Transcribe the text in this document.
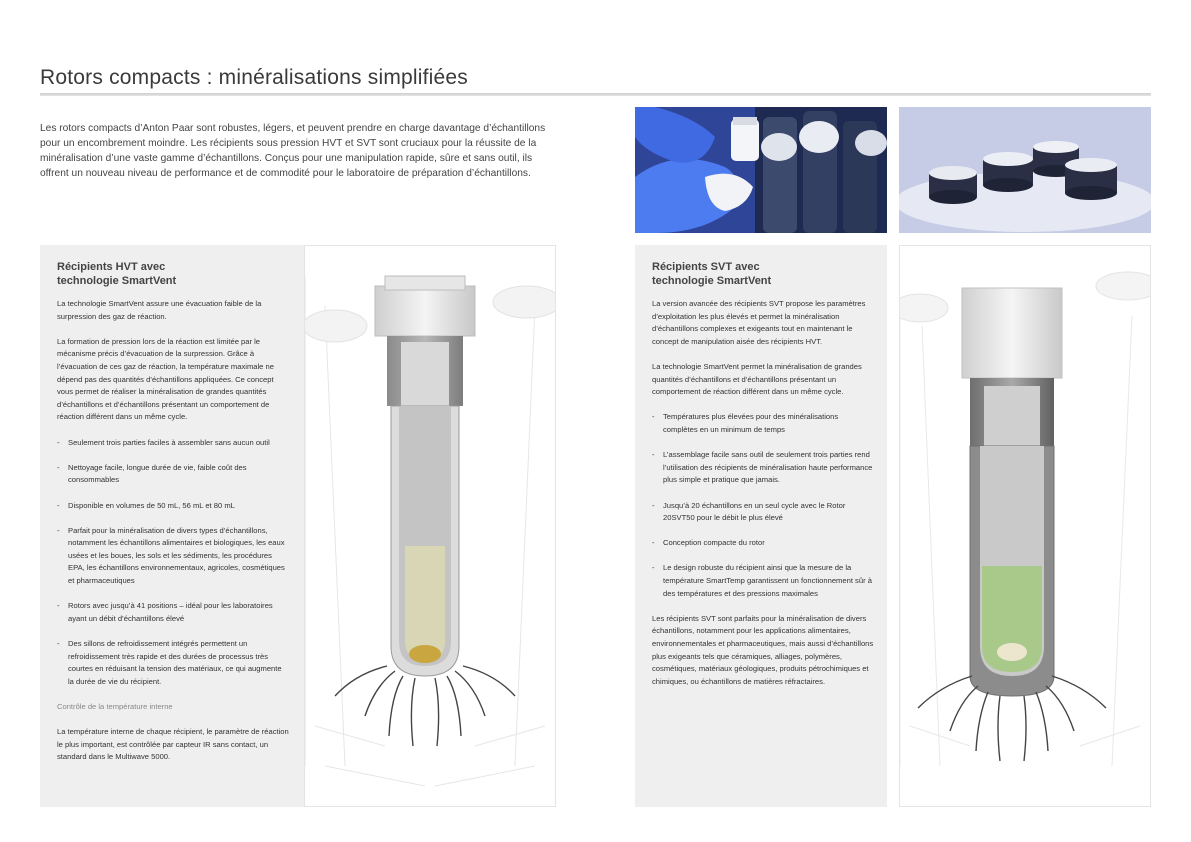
Rotors compacts : minéralisations simplifiées

Les rotors compacts d’Anton Paar sont robustes, légers, et peuvent prendre en charge davantage d’échantillons pour un encombrement moindre. Les récipients sous pression HVT et SVT sont cruciaux pour la réussite de la minéralisation d’une vaste gamme d’échantillons. Conçus pour une manipulation rapide, sûre et sans outil, ils offrent un nouveau niveau de performance et de commodité pour le laboratoire de préparation d’échantillons.

Récipients HVT avec
technologie SmartVent

La technologie SmartVent assure une évacuation faible de la surpression des gaz de réaction.

La formation de pression lors de la réaction est limitée par le mécanisme précis d’évacuation de la surpression. Grâce à l’évacuation de ces gaz de réaction, la température maximale ne dépend pas des quantités d’échantillons appliquées. Ce concept vous permet de réaliser la minéralisation de grandes quantités d’échantillons et d’échantillons présentant un comportement de réaction différent dans un même cycle.

- Seulement trois parties faciles à assembler sans aucun outil
- Nettoyage facile, longue durée de vie, faible coût des consommables
- Disponible en volumes de 50 mL, 56 mL et 80 mL
- Parfait pour la minéralisation de divers types d’échantillons, notamment les échantillons alimentaires et biologiques, les eaux usées et les boues, les sols et les sédiments, les procédures EPA, les échantillons environnementaux, agricoles, cosmétiques et pharmaceutiques
- Rotors avec jusqu’à 41 positions – idéal pour les laboratoires ayant un débit d’échantillons élevé
- Des sillons de refroidissement intégrés permettent un refroidissement très rapide et des durées de processus très courtes en réduisant la tension des matériaux, ce qui augmente la durée de vie du récipient.

Contrôle de la température interne

La température interne de chaque récipient, le paramètre de réaction le plus important, est contrôlée par capteur IR sans contact, un standard dans le Multiwave 5000.

Récipients SVT avec
technologie SmartVent

La version avancée des récipients SVT propose les paramètres d’exploitation les plus élevés et permet la minéralisation d’échantillons complexes et exigeants tout en maintenant le concept de manipulation aisée des récipients HVT.

La technologie SmartVent permet la minéralisation de grandes quantités d’échantillons et d’échantillons présentant un comportement de réaction différent dans un même cycle.

- Températures plus élevées pour des minéralisations complètes en un minimum de temps
- L’assemblage facile sans outil de seulement trois parties rend l’utilisation des récipients de minéralisation haute performance plus simple et pratique que jamais.
- Jusqu’à 20 échantillons en un seul cycle avec le Rotor 20SVT50 pour le débit le plus élevé
- Conception compacte du rotor
- Le design robuste du récipient ainsi que la mesure de la température SmartTemp garantissent un fonctionnement sûr à des températures et des pressions maximales

Les récipients SVT sont parfaits pour la minéralisation de divers échantillons, notamment pour les applications alimentaires, environnementales et pharmaceutiques, mais aussi d’échantillons plus exigeants tels que céramiques, alliages, polymères, cosmétiques, matériaux géologiques, produits pétrochimiques et chimiques, ou échantillons de matières réfractaires.
